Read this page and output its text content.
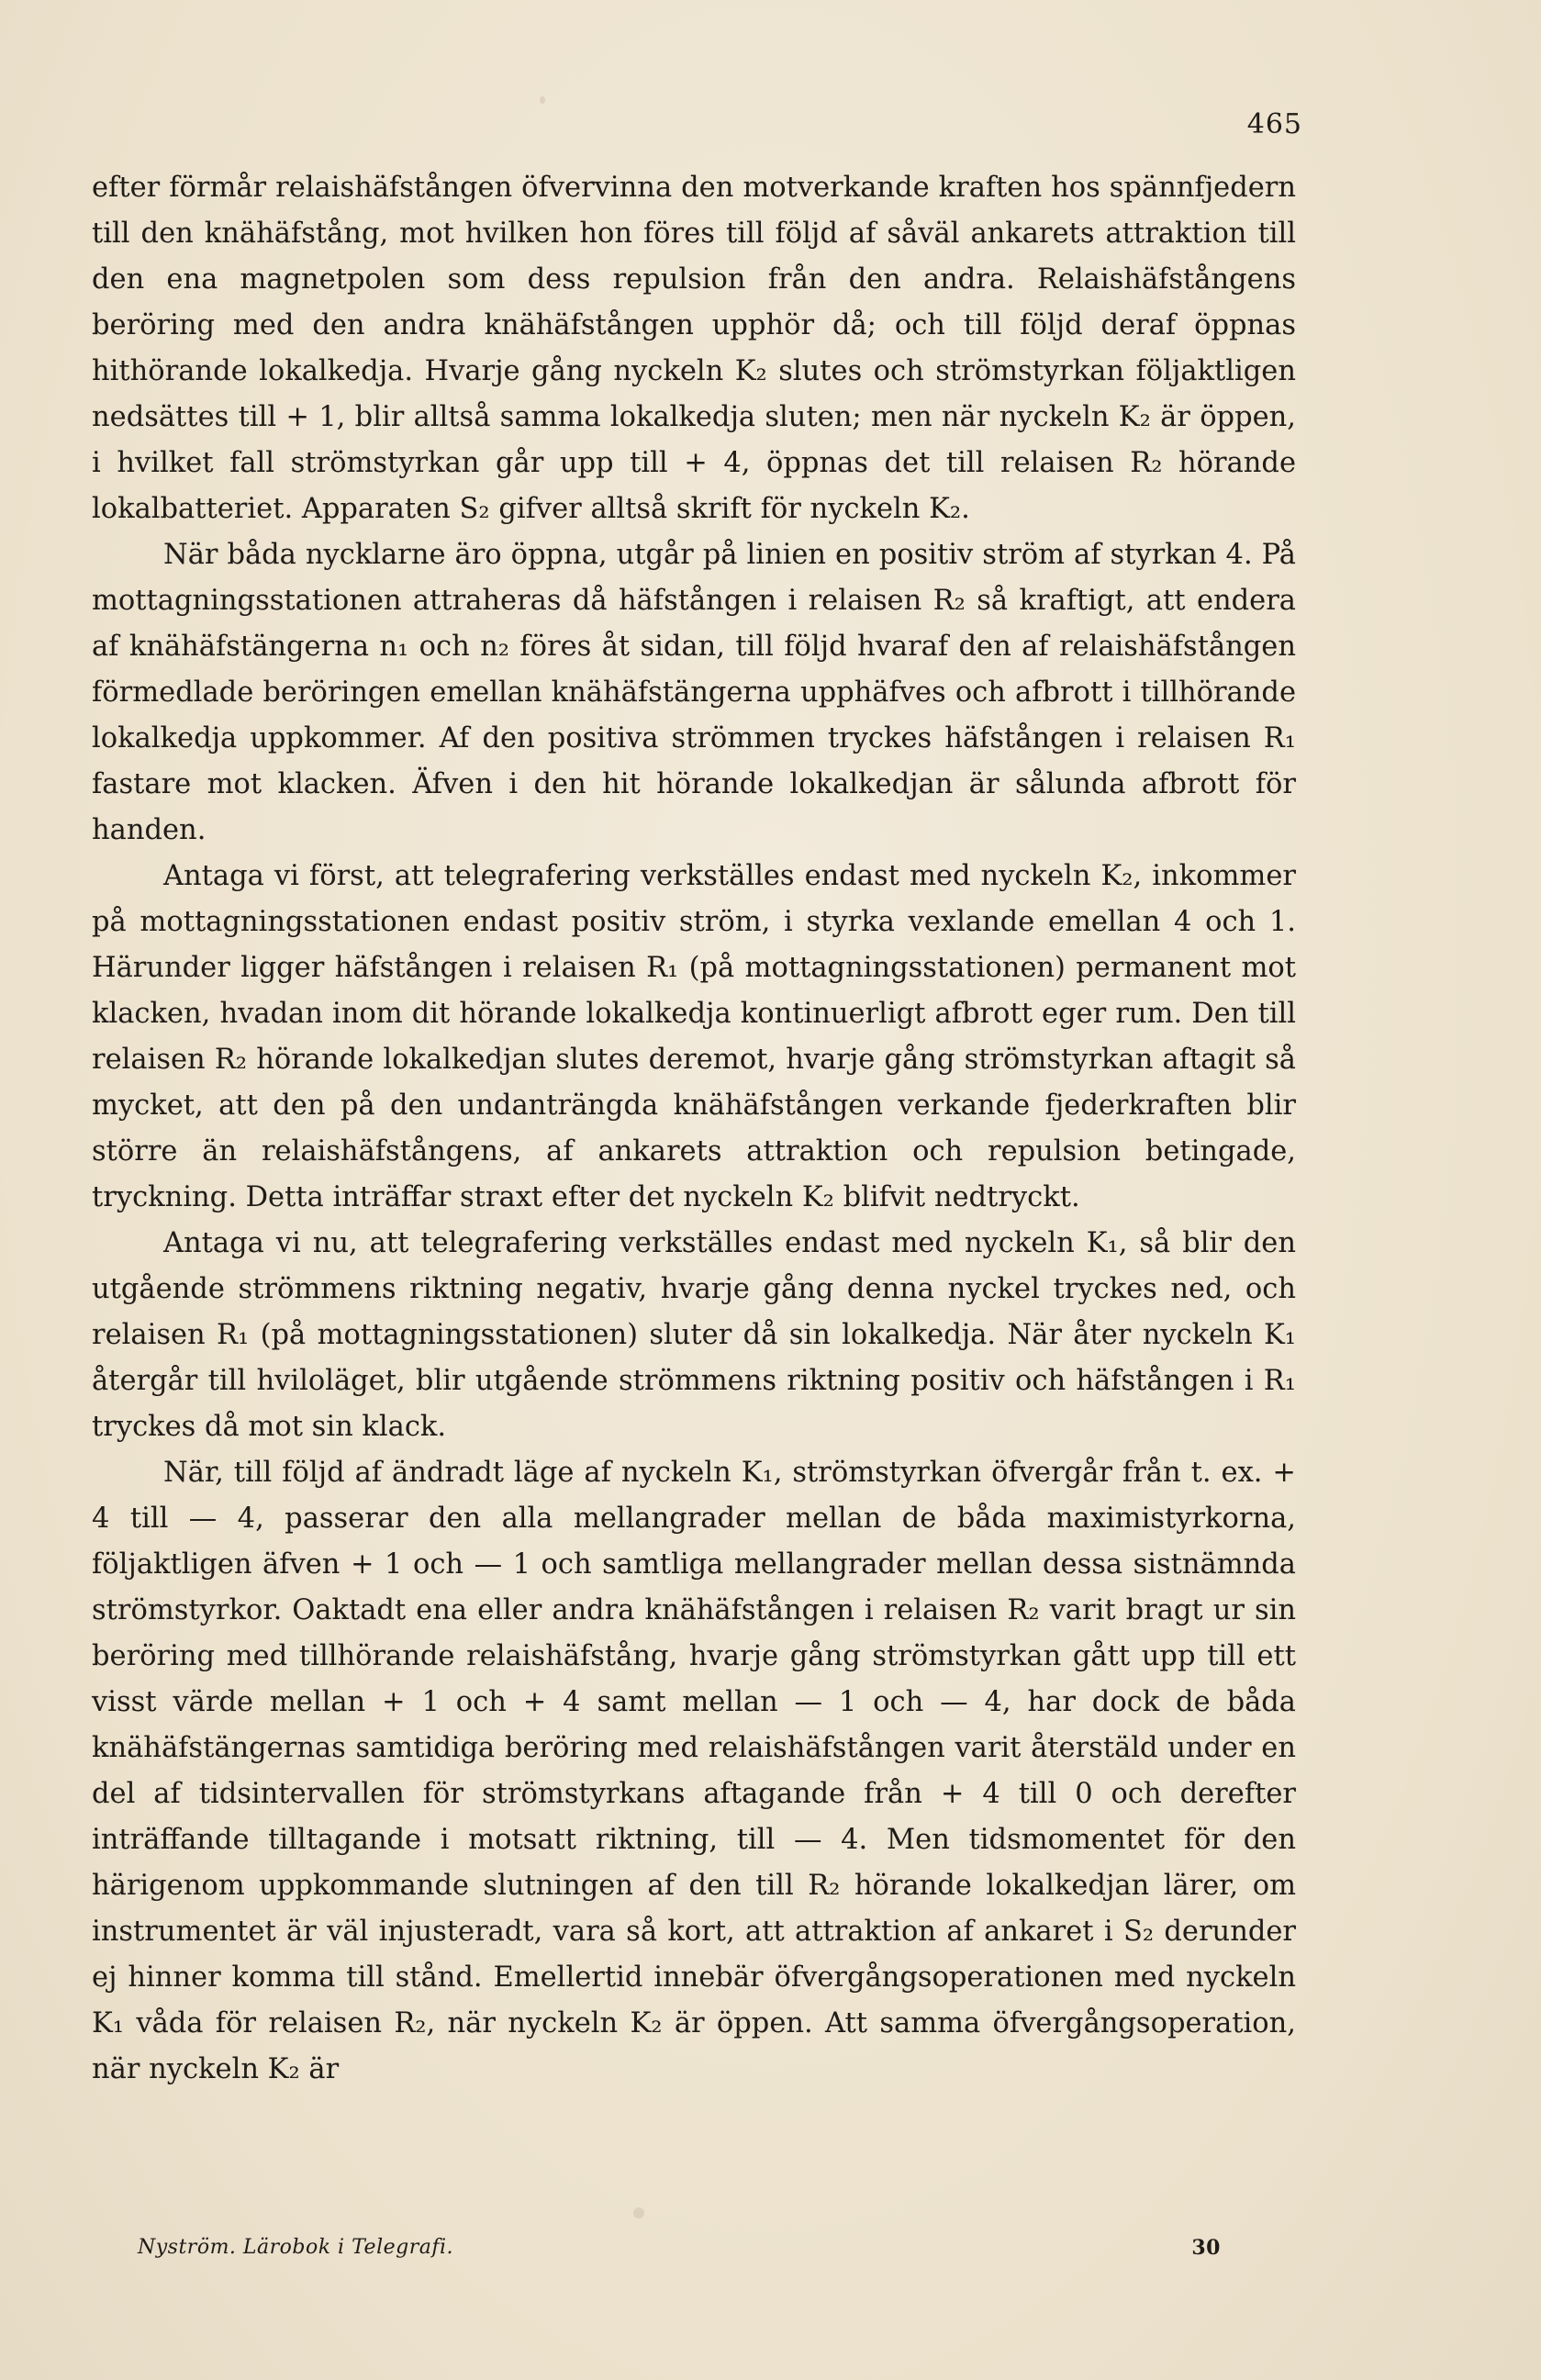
465

efter förmår relaishäfstången öfvervinna den motverkande kraften hos spännfjedern till den knähäfstång, mot hvilken hon föres till följd af såväl ankarets attraktion till den ena magnetpolen som dess repulsion från den andra. Relaishäfstångens beröring med den andra knähäfstången upphör då; och till följd deraf öppnas hithörande lokalkedja. Hvarje gång nyckeln K₂ slutes och strömstyrkan följaktligen nedsättes till + 1, blir alltså samma lokalkedja sluten; men när nyckeln K₂ är öppen, i hvilket fall strömstyrkan går upp till + 4, öppnas det till relaisen R₂ hörande lokalbatteriet. Apparaten S₂ gifver alltså skrift för nyckeln K₂.

När båda nycklarne äro öppna, utgår på linien en positiv ström af styrkan 4. På mottagningsstationen attraheras då häfstången i relaisen R₂ så kraftigt, att endera af knähäfstängerna n₁ och n₂ föres åt sidan, till följd hvaraf den af relaishäfstången förmedlade beröringen emellan knähäfstängerna upphäfves och afbrott i tillhörande lokalkedja uppkommer. Af den positiva strömmen tryckes häfstången i relaisen R₁ fastare mot klacken. Äfven i den hit hörande lokalkedjan är sålunda afbrott för handen.

Antaga vi först, att telegrafering verkställes endast med nyckeln K₂, inkommer på mottagningsstationen endast positiv ström, i styrka vexlande emellan 4 och 1. Härunder ligger häfstången i relaisen R₁ (på mottagningsstationen) permanent mot klacken, hvadan inom dit hörande lokalkedja kontinuerligt afbrott eger rum. Den till relaisen R₂ hörande lokalkedjan slutes deremot, hvarje gång strömstyrkan aftagit så mycket, att den på den undanträngda knähäfstången verkande fjederkraften blir större än relaishäfstångens, af ankarets attraktion och repulsion betingade, tryckning. Detta inträffar straxt efter det nyckeln K₂ blifvit nedtryckt.

Antaga vi nu, att telegrafering verkställes endast med nyckeln K₁, så blir den utgående strömmens riktning negativ, hvarje gång denna nyckel tryckes ned, och relaisen R₁ (på mottagningsstationen) sluter då sin lokalkedja. När åter nyckeln K₁ återgår till hviloläget, blir utgående strömmens riktning positiv och häfstången i R₁ tryckes då mot sin klack.

När, till följd af ändradt läge af nyckeln K₁, strömstyrkan öfvergår från t. ex. + 4 till — 4, passerar den alla mellangrader mellan de båda maximistyrkorna, följaktligen äfven + 1 och — 1 och samtliga mellangrader mellan dessa sistnämnda strömstyrkor. Oaktadt ena eller andra knähäfstången i relaisen R₂ varit bragt ur sin beröring med tillhörande relaishäfstång, hvarje gång strömstyrkan gått upp till ett visst värde mellan + 1 och + 4 samt mellan — 1 och — 4, har dock de båda knähäfstängernas samtidiga beröring med relaishäfstången varit återstäld under en del af tidsintervallen för strömstyrkans aftagande från + 4 till 0 och derefter inträffande tilltagande i motsatt riktning, till — 4. Men tidsmomentet för den härigenom uppkommande slutningen af den till R₂ hörande lokalkedjan lärer, om instrumentet är väl injusteradt, vara så kort, att attraktion af ankaret i S₂ derunder ej hinner komma till stånd. Emellertid innebär öfvergångsoperationen med nyckeln K₁ våda för relaisen R₂, när nyckeln K₂ är öppen. Att samma öfvergångsoperation, när nyckeln K₂ är

Nyström. Lärobok i Telegrafi.	30
